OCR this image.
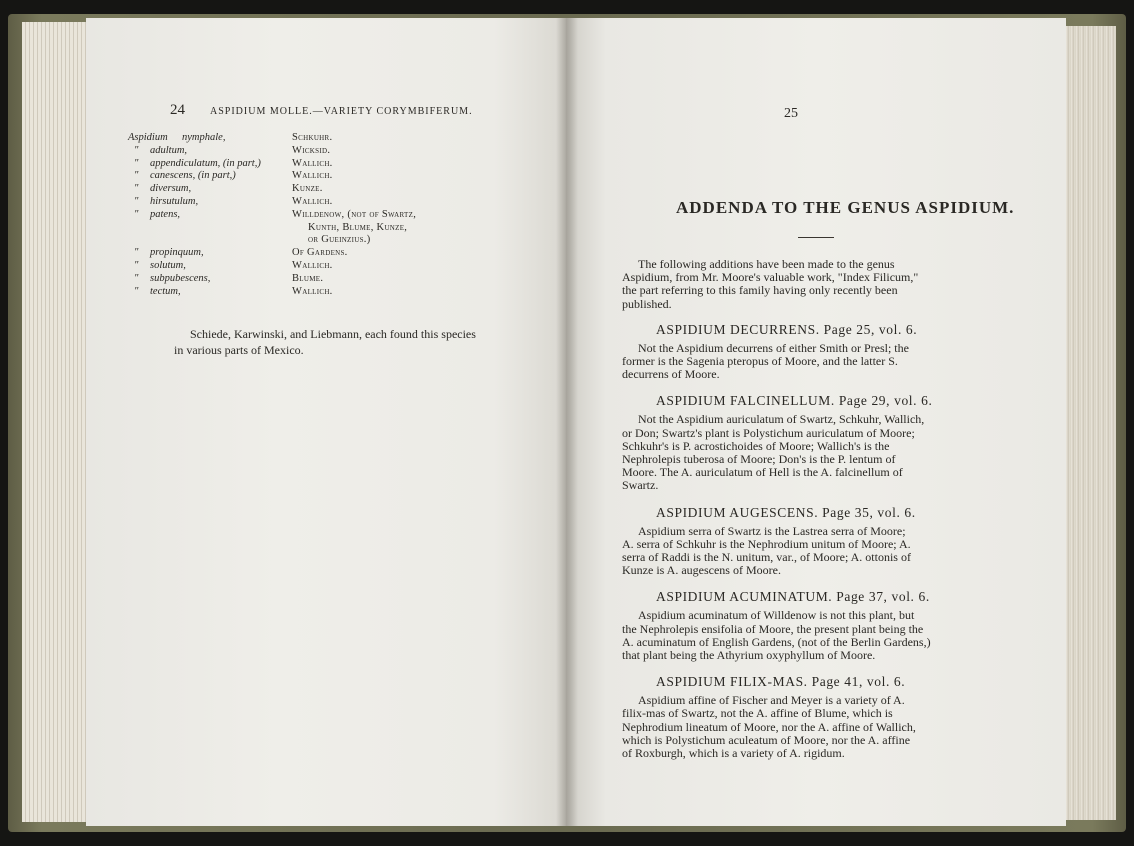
24	ASPIDIUM MOLLE.—VARIETY CORYMBIFERUM.
Aspidium nymphale,	Schkuhr.
" adultum,	Wicksid.
" appendiculatum, (in part,)	Wallich.
" canescens, (in part,)	Wallich.
" diversum,	Kunze.
" hirsutulum,	Wallich.
" patens,	Willdenow, (not of Swartz,
Kunth, Blume, Kunze,
or Gueinzius.)
" propinquum,	Of Gardens.
" solutum,	Wallich.
" subpubescens,	Blume.
" tectum,	Wallich.
Schiede, Karwinski, and Liebmann, each found this species
in various parts of Mexico.
25
ADDENDA TO THE GENUS ASPIDIUM.
The following additions have been made to the genus
Aspidium, from Mr. Moore's valuable work, "Index Filicum,"
the part referring to this family having only recently been
published.
ASPIDIUM DECURRENS. Page 25, vol. 6.
Not the Aspidium decurrens of either Smith or Presl; the
former is the Sagenia pteropus of Moore, and the latter S.
decurrens of Moore.
ASPIDIUM FALCINELLUM. Page 29, vol. 6.
Not the Aspidium auriculatum of Swartz, Schkuhr, Wallich,
or Don; Swartz's plant is Polystichum auriculatum of Moore;
Schkuhr's is P. acrostichoides of Moore; Wallich's is the
Nephrolepis tuberosa of Moore; Don's is the P. lentum of
Moore. The A. auriculatum of Hell is the A. falcinellum of
Swartz.
ASPIDIUM AUGESCENS. Page 35, vol. 6.
Aspidium serra of Swartz is the Lastrea serra of Moore;
A. serra of Schkuhr is the Nephrodium unitum of Moore; A.
serra of Raddi is the N. unitum, var., of Moore; A. ottonis of
Kunze is A. augescens of Moore.
ASPIDIUM ACUMINATUM. Page 37, vol. 6.
Aspidium acuminatum of Willdenow is not this plant, but
the Nephrolepis ensifolia of Moore, the present plant being the
A. acuminatum of English Gardens, (not of the Berlin Gardens,)
that plant being the Athyrium oxyphyllum of Moore.
ASPIDIUM FILIX-MAS. Page 41, vol. 6.
Aspidium affine of Fischer and Meyer is a variety of A.
filix-mas of Swartz, not the A. affine of Blume, which is
Nephrodium lineatum of Moore, nor the A. affine of Wallich,
which is Polystichum aculeatum of Moore, nor the A. affine
of Roxburgh, which is a variety of A. rigidum.
